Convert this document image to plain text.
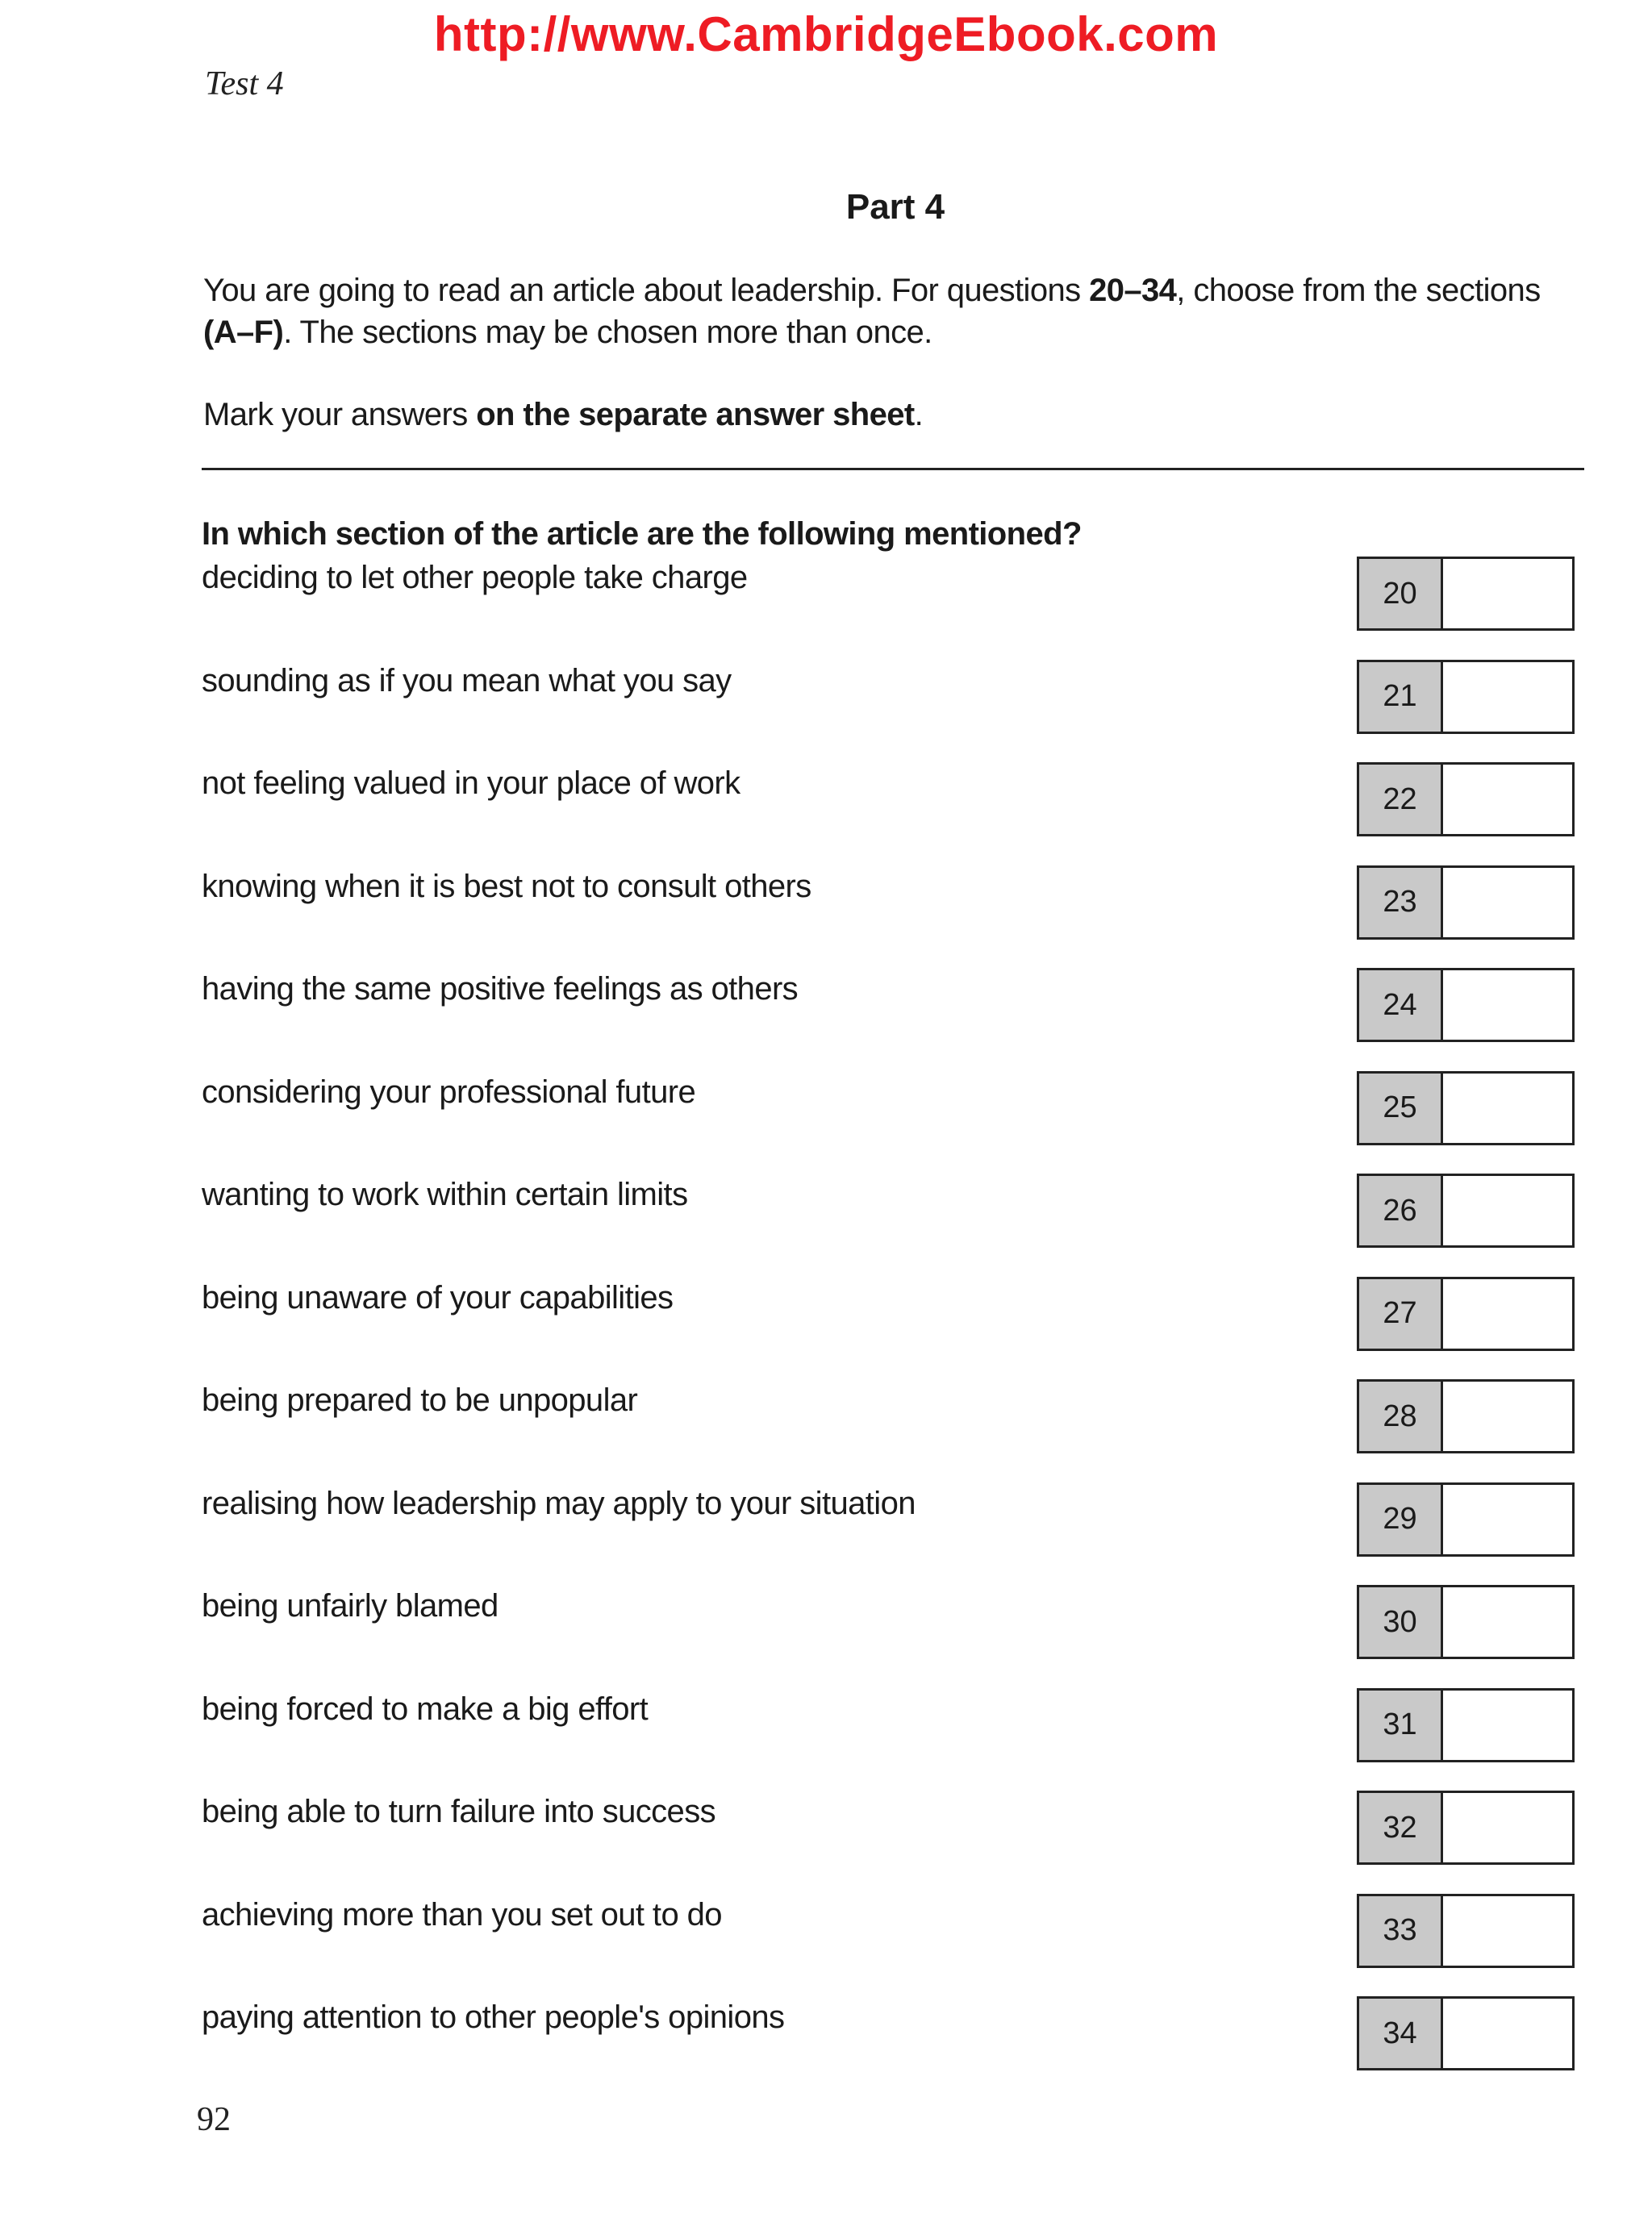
http://www.CambridgeEbook.com
Test 4
Part 4
You are going to read an article about leadership. For questions 20–34, choose from the sections
(A–F). The sections may be chosen more than once.
Mark your answers on the separate answer sheet.
In which section of the article are the following mentioned?
deciding to let other people take charge	20
sounding as if you mean what you say	21
not feeling valued in your place of work	22
knowing when it is best not to consult others	23
having the same positive feelings as others	24
considering your professional future	25
wanting to work within certain limits	26
being unaware of your capabilities	27
being prepared to be unpopular	28
realising how leadership may apply to your situation	29
being unfairly blamed	30
being forced to make a big effort	31
being able to turn failure into success	32
achieving more than you set out to do	33
paying attention to other people's opinions	34
92
